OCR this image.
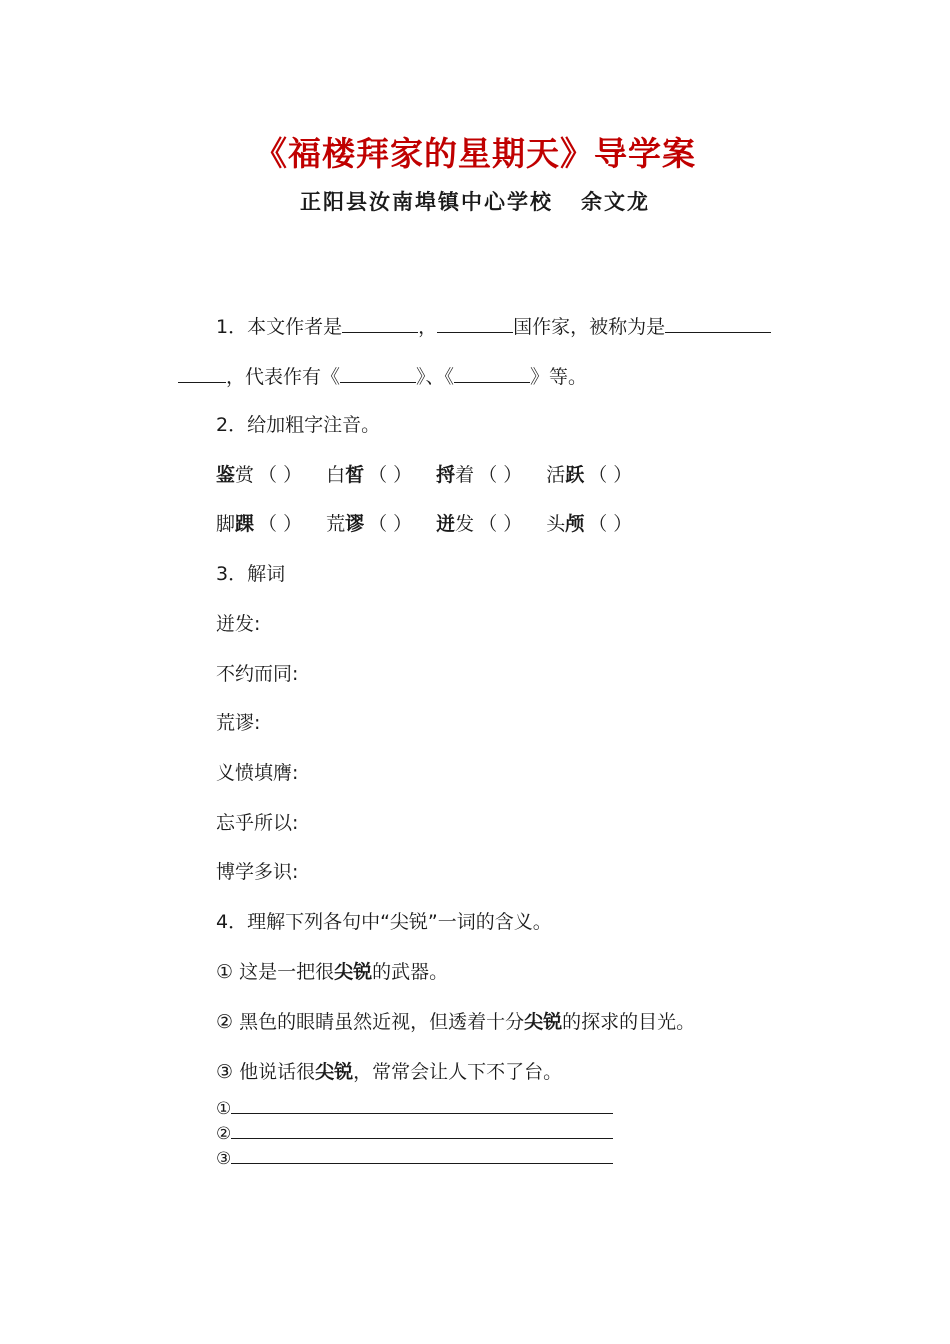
《福楼拜家的星期天》导学案
正阳县汝南埠镇中心学校   余文龙
1．本文作者是	，	国作家，被称为是
，代表作有《	》、《	》等。
2．给加粗字注音。
鉴赏 （ ） 白皙 （ ） 捋着 （ ） 活跃 （ ）
脚踝 （ ） 荒谬 （ ） 迸发 （ ） 头颅 （ ）
3．解词
迸发:
不约而同:
荒谬:
义愤填膺:
忘乎所以:
博学多识:
4．理解下列各句中“尖锐”一词的含义。
① 这是一把很尖锐的武器。
② 黑色的眼睛虽然近视，但透着十分尖锐的探求的目光。
③ 他说话很尖锐，常常会让人下不了台。
①
②
③
